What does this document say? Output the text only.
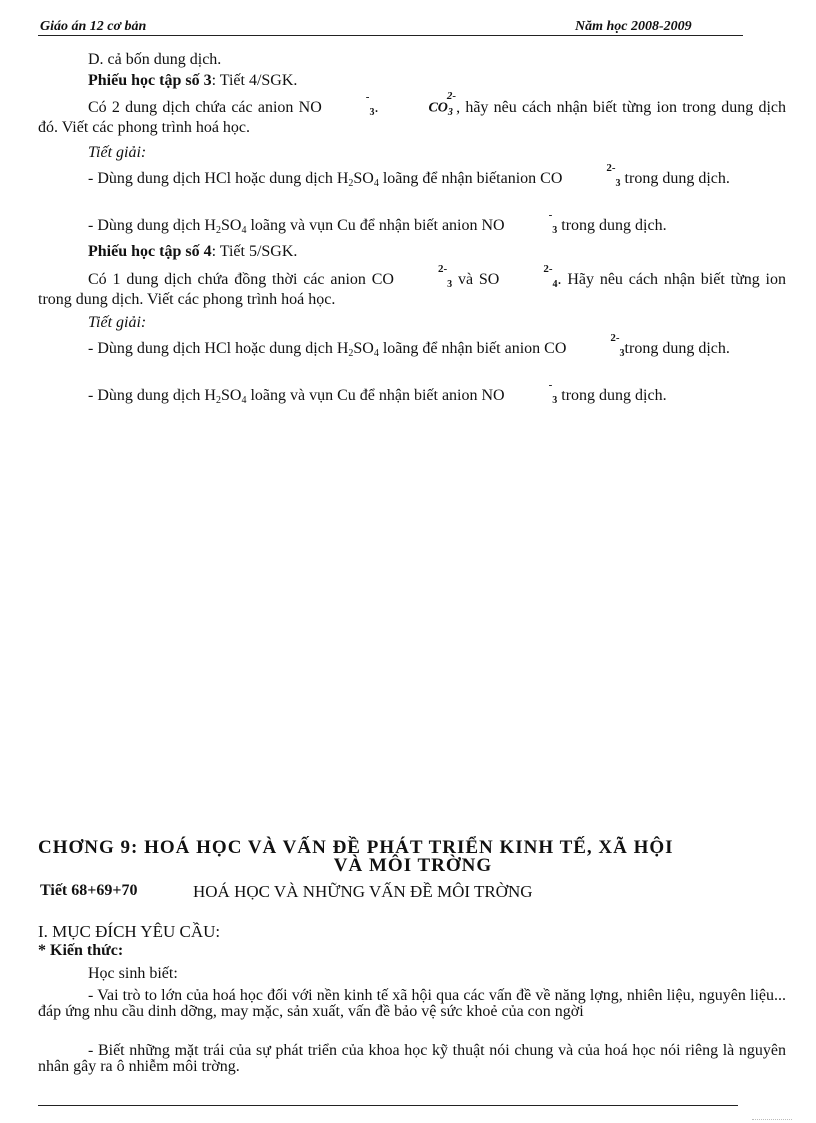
Giáo án 12 cơ bản	Năm học 2008-2009

D. cả bốn dung dịch.

Phiếu học tập số 3: Tiết 4/SGK.

Có 2 dung dịch chứa các anion $NO^-_3$.	$CO_3^{2-}$, hãy nêu cách nhận biết từng ion trong dung dịch đó. Viết các phong trình hoá học.

Tiết giải:

- Dùng dung dịch HCl hoặc dung dịch $H_2SO_4$ loãng để nhận biếtanion $CO^{2-}_3$ trong dung dịch.

- Dùng dung dịch $H_2SO_4$ loãng và vụn Cu để nhận biết anion $NO^-_3$ trong dung dịch.

Phiếu học tập số 4: Tiết 5/SGK.

Có 1 dung dịch chứa đồng thời các anion $CO^{2-}_3$ và $SO^{2-}_4$. Hãy nêu cách nhận biết từng ion trong dung dịch. Viết các phong trình hoá học.

Tiết giải:

- Dùng dung dịch HCl hoặc dung dịch $H_2SO_4$ loãng để nhận biết anion $CO^{2-}_3trong$ dung dịch.

- Dùng dung dịch $H_2SO_4$ loãng và vụn Cu để nhận biết anion $NO^-_3$ trong dung dịch.

CHƠNG 9: HOÁ HỌC VÀ VẤN ĐỀ PHÁT TRIỂN KINH TẾ, XÃ HỘI
VÀ MÔI TRỜNG
Tiết 68+69+70	HOÁ HỌC VÀ NHỮNG VẤN ĐỀ MÔI TRỜNG
I. MỤC ĐÍCH YÊU CẦU:
* Kiến thức:

Học sinh biết:

- Vai trò to lớn của hoá học đối với nền kinh tế xã hội qua các vấn đề về năng lợng, nhiên liệu, nguyên liệu... đáp ứng nhu cầu dinh dỡng, may mặc, sản xuất, vấn đề bảo vệ sức khoẻ của con ngời

- Biết những mặt trái của sự phát triển của khoa học kỹ thuật nói chung và của hoá học nói riêng là nguyên nhân gây ra ô nhiễm môi trờng.
